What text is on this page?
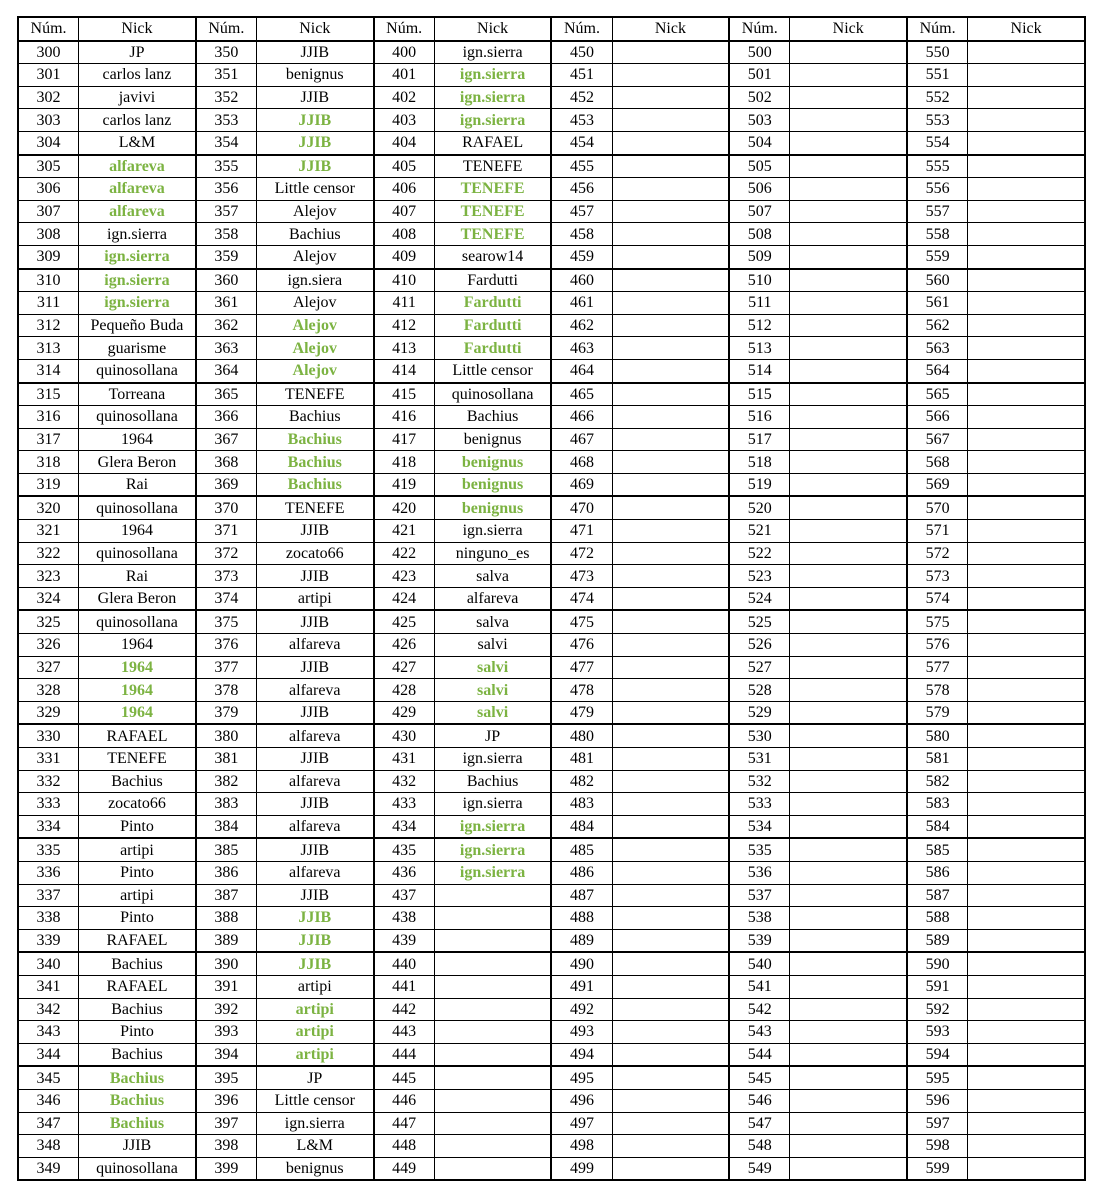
Núm.	Nick	Núm.	Nick	Núm.	Nick	Núm.	Nick	Núm.	Nick	Núm.	Nick
300	JP	350	JJIB	400	ign.sierra	450		500		550	
301	carlos lanz	351	benignus	401	ign.sierra	451		501		551	
302	javivi	352	JJIB	402	ign.sierra	452		502		552	
303	carlos lanz	353	JJIB	403	ign.sierra	453		503		553	
304	L&M	354	JJIB	404	RAFAEL	454		504		554	
305	alfareva	355	JJIB	405	TENEFE	455		505		555	
306	alfareva	356	Little censor	406	TENEFE	456		506		556	
307	alfareva	357	Alejov	407	TENEFE	457		507		557	
308	ign.sierra	358	Bachius	408	TENEFE	458		508		558	
309	ign.sierra	359	Alejov	409	searow14	459		509		559	
310	ign.sierra	360	ign.siera	410	Fardutti	460		510		560	
311	ign.sierra	361	Alejov	411	Fardutti	461		511		561	
312	Pequeño Buda	362	Alejov	412	Fardutti	462		512		562	
313	guarisme	363	Alejov	413	Fardutti	463		513		563	
314	quinosollana	364	Alejov	414	Little censor	464		514		564	
315	Torreana	365	TENEFE	415	quinosollana	465		515		565	
316	quinosollana	366	Bachius	416	Bachius	466		516		566	
317	1964	367	Bachius	417	benignus	467		517		567	
318	Glera Beron	368	Bachius	418	benignus	468		518		568	
319	Rai	369	Bachius	419	benignus	469		519		569	
320	quinosollana	370	TENEFE	420	benignus	470		520		570	
321	1964	371	JJIB	421	ign.sierra	471		521		571	
322	quinosollana	372	zocato66	422	ninguno_es	472		522		572	
323	Rai	373	JJIB	423	salva	473		523		573	
324	Glera Beron	374	artipi	424	alfareva	474		524		574	
325	quinosollana	375	JJIB	425	salva	475		525		575	
326	1964	376	alfareva	426	salvi	476		526		576	
327	1964	377	JJIB	427	salvi	477		527		577	
328	1964	378	alfareva	428	salvi	478		528		578	
329	1964	379	JJIB	429	salvi	479		529		579	
330	RAFAEL	380	alfareva	430	JP	480		530		580	
331	TENEFE	381	JJIB	431	ign.sierra	481		531		581	
332	Bachius	382	alfareva	432	Bachius	482		532		582	
333	zocato66	383	JJIB	433	ign.sierra	483		533		583	
334	Pinto	384	alfareva	434	ign.sierra	484		534		584	
335	artipi	385	JJIB	435	ign.sierra	485		535		585	
336	Pinto	386	alfareva	436	ign.sierra	486		536		586	
337	artipi	387	JJIB	437		487		537		587	
338	Pinto	388	JJIB	438		488		538		588	
339	RAFAEL	389	JJIB	439		489		539		589	
340	Bachius	390	JJIB	440		490		540		590	
341	RAFAEL	391	artipi	441		491		541		591	
342	Bachius	392	artipi	442		492		542		592	
343	Pinto	393	artipi	443		493		543		593	
344	Bachius	394	artipi	444		494		544		594	
345	Bachius	395	JP	445		495		545		595	
346	Bachius	396	Little censor	446		496		546		596	
347	Bachius	397	ign.sierra	447		497		547		597	
348	JJIB	398	L&M	448		498		548		598	
349	quinosollana	399	benignus	449		499		549		599	
